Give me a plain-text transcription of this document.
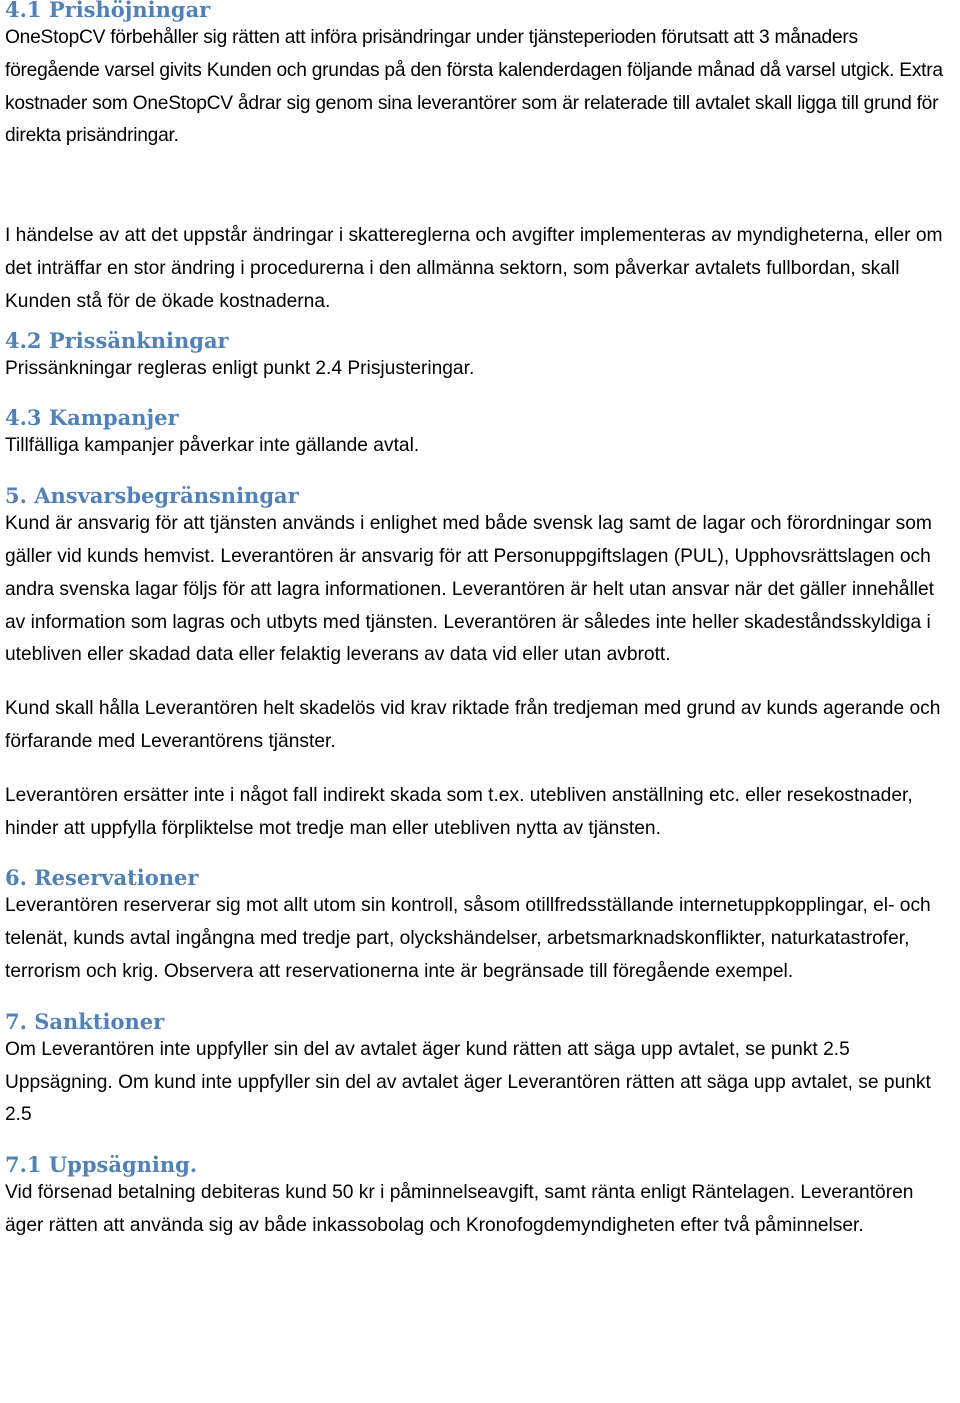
4.1 Prishöjningar

OneStopCV förbehåller sig rätten att införa prisändringar under tjänsteperioden förutsatt att 3 månaders föregående varsel givits Kunden och grundas på den första kalenderdagen följande månad då varsel utgick. Extra kostnader som OneStopCV ådrar sig genom sina leverantörer som är relaterade till avtalet skall ligga till grund för direkta prisändringar.

I händelse av att det uppstår ändringar i skattereglerna och avgifter implementeras av myndigheterna, eller om det inträffar en stor ändring i procedurerna i den allmänna sektorn, som påverkar avtalets fullbordan, skall Kunden stå för de ökade kostnaderna.

4.2 Prissänkningar

Prissänkningar regleras enligt punkt 2.4 Prisjusteringar.

4.3 Kampanjer

Tillfälliga kampanjer påverkar inte gällande avtal.

5. Ansvarsbegränsningar

Kund är ansvarig för att tjänsten används i enlighet med både svensk lag samt de lagar och förordningar som gäller vid kunds hemvist. Leverantören är ansvarig för att Personuppgiftslagen (PUL), Upphovsrättslagen och andra svenska lagar följs för att lagra informationen. Leverantören är helt utan ansvar när det gäller innehållet av information som lagras och utbyts med tjänsten. Leverantören är således inte heller skadeståndsskyldiga i utebliven eller skadad data eller felaktig leverans av data vid eller utan avbrott.

Kund skall hålla Leverantören helt skadelös vid krav riktade från tredjeman med grund av kunds agerande och förfarande med Leverantörens tjänster.

Leverantören ersätter inte i något fall indirekt skada som t.ex. utebliven anställning etc. eller resekostnader, hinder att uppfylla förpliktelse mot tredje man eller utebliven nytta av tjänsten.

6. Reservationer

Leverantören reserverar sig mot allt utom sin kontroll, såsom otillfredsställande internetuppkopplingar, el- och telenät, kunds avtal ingångna med tredje part, olyckshändelser, arbetsmarknadskonflikter, naturkatastrofer, terrorism och krig. Observera att reservationerna inte är begränsade till föregående exempel.

7. Sanktioner

Om Leverantören inte uppfyller sin del av avtalet äger kund rätten att säga upp avtalet, se punkt 2.5 Uppsägning. Om kund inte uppfyller sin del av avtalet äger Leverantören rätten att säga upp avtalet, se punkt 2.5

7.1 Uppsägning.

Vid försenad betalning debiteras kund 50 kr i påminnelseavgift, samt ränta enligt Räntelagen. Leverantören äger rätten att använda sig av både inkassobolag och Kronofogdemyndigheten efter två påminnelser.
